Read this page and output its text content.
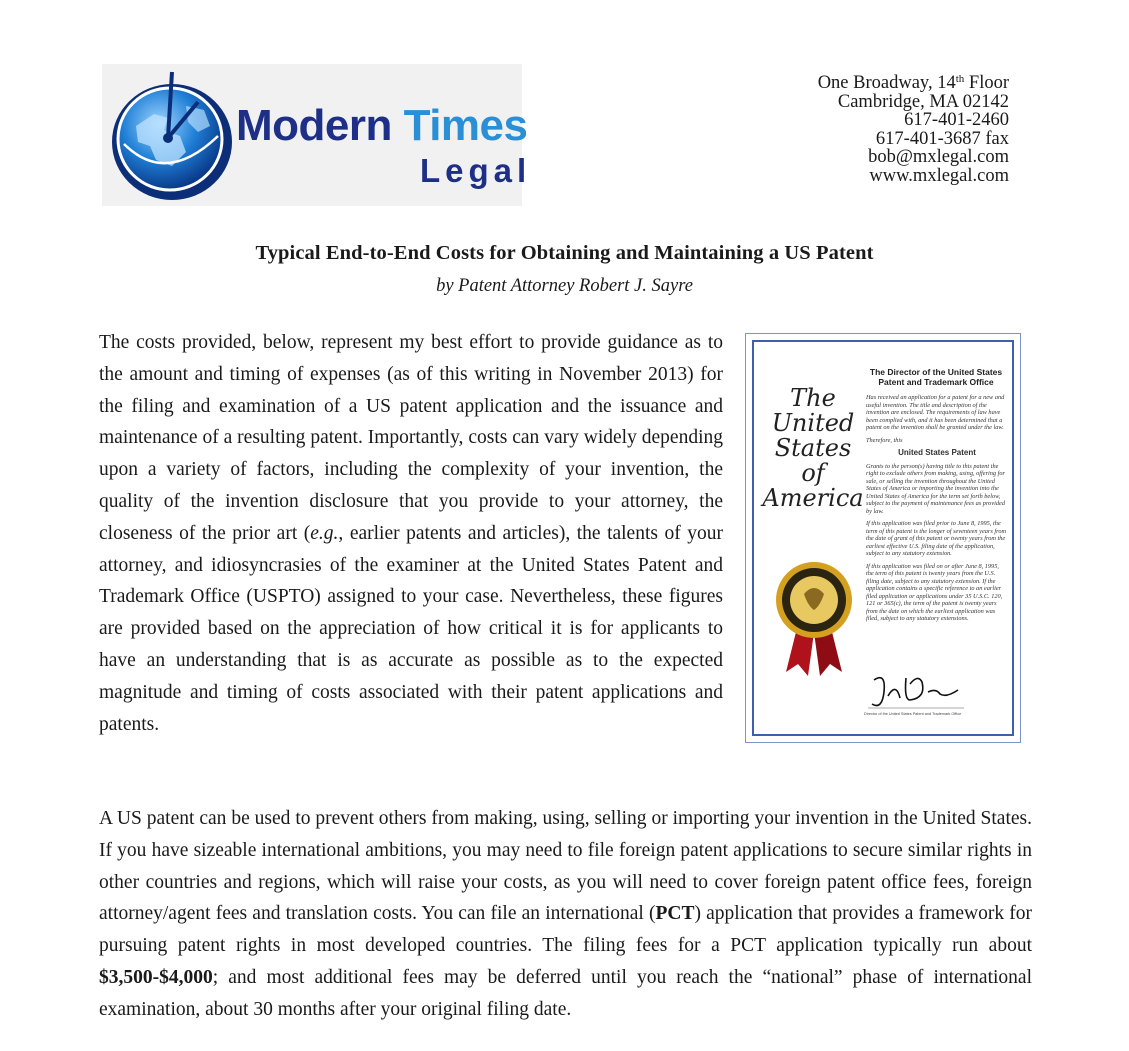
Modern Times
Legal
One Broadway, 14th Floor
Cambridge, MA 02142
617-401-2460
617-401-3687 fax
bob@mxlegal.com
www.mxlegal.com
Typical End-to-End Costs for Obtaining and Maintaining a US Patent
by Patent Attorney Robert J. Sayre
The costs provided, below, represent my best effort to provide guidance as to the amount and timing of expenses (as of this writing in November 2013) for the filing and examination of a US patent application and the issuance and maintenance of a resulting patent. Importantly, costs can vary widely depending upon a variety of factors, including the complexity of your invention, the quality of the invention disclosure that you provide to your attorney, the closeness of the prior art (e.g., earlier patents and articles), the talents of your attorney, and idiosyncrasies of the examiner at the United States Patent and Trademark Office (USPTO) assigned to your case. Nevertheless, these figures are provided based on the appreciation of how critical it is for applicants to have an understanding that is as accurate as possible as to the expected magnitude and timing of costs associated with their patent applications and patents.
The
United
States
of
America
The Director of the United States Patent and Trademark Office

Has received an application for a patent for a new and useful invention. The title and description of the invention are enclosed. The requirements of law have been complied with, and it has been determined that a patent on the invention shall be granted under the law.

Therefore, this

United States Patent

Grants to the person(s) having title to this patent the right to exclude others from making, using, offering for sale, or selling the invention throughout the United States of America or importing the invention into the United States of America for the term set forth below, subject to the payment of maintenance fees as provided by law.

If this application was filed prior to June 8, 1995, the term of this patent is the longer of seventeen years from the date of grant of this patent or twenty years from the earliest effective U.S. filing date of the application, subject to any statutory extension.

If this application was filed on or after June 8, 1995, the term of this patent is twenty years from the U.S. filing date, subject to any statutory extension. If the application contains a specific reference to an earlier filed application or applications under 35 U.S.C. 120, 121 or 365(c), the term of the patent is twenty years from the date on which the earliest application was filed, subject to any statutory extensions.

Director of the United States Patent and Trademark Office
A US patent can be used to prevent others from making, using, selling or importing your invention in the United States. If you have sizeable international ambitions, you may need to file foreign patent applications to secure similar rights in other countries and regions, which will raise your costs, as you will need to cover foreign patent office fees, foreign attorney/agent fees and translation costs. You can file an international (PCT) application that provides a framework for pursuing patent rights in most developed countries. The filing fees for a PCT application typically run about $3,500-$4,000; and most additional fees may be deferred until you reach the “national” phase of international examination, about 30 months after your original filing date.
